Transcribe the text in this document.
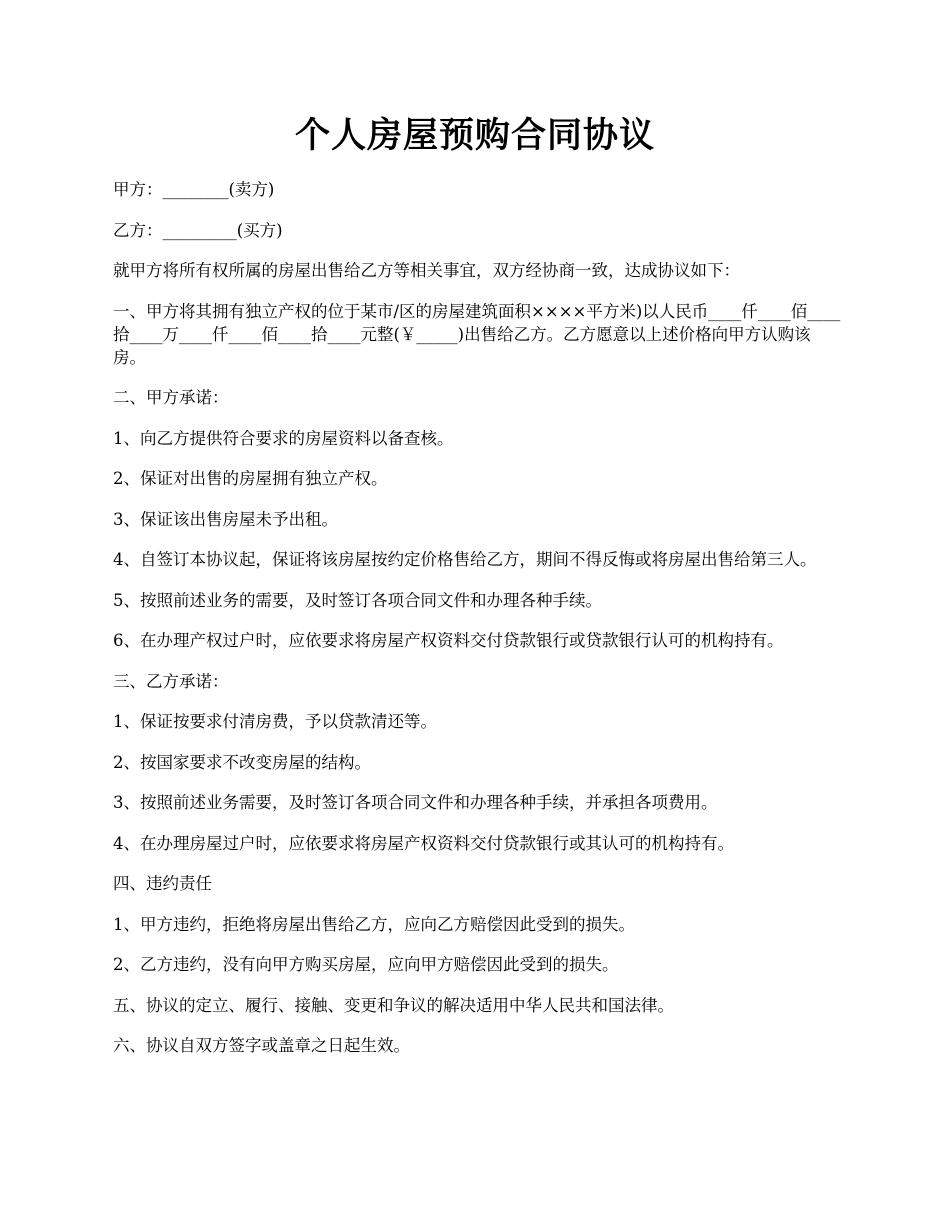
个人房屋预购合同协议

甲方：________(卖方)

乙方：_________(买方)

就甲方将所有权所属的房屋出售给乙方等相关事宜，双方经协商一致，达成协议如下：

一、甲方将其拥有独立产权的位于某市/区的房屋建筑面积××××平方米)以人民币____仟____佰____拾____万____仟____佰____拾____元整(￥_____)出售给乙方。乙方愿意以上述价格向甲方认购该房。

二、甲方承诺：

1、向乙方提供符合要求的房屋资料以备查核。

2、保证对出售的房屋拥有独立产权。

3、保证该出售房屋未予出租。

4、自签订本协议起，保证将该房屋按约定价格售给乙方，期间不得反悔或将房屋出售给第三人。

5、按照前述业务的需要，及时签订各项合同文件和办理各种手续。

6、在办理产权过户时，应依要求将房屋产权资料交付贷款银行或贷款银行认可的机构持有。

三、乙方承诺：

1、保证按要求付清房费，予以贷款清还等。

2、按国家要求不改变房屋的结构。

3、按照前述业务需要，及时签订各项合同文件和办理各种手续，并承担各项费用。

4、在办理房屋过户时，应依要求将房屋产权资料交付贷款银行或其认可的机构持有。

四、违约责任

1、甲方违约，拒绝将房屋出售给乙方，应向乙方赔偿因此受到的损失。

2、乙方违约，没有向甲方购买房屋，应向甲方赔偿因此受到的损失。

五、协议的定立、履行、接触、变更和争议的解决适用中华人民共和国法律。

六、协议自双方签字或盖章之日起生效。
